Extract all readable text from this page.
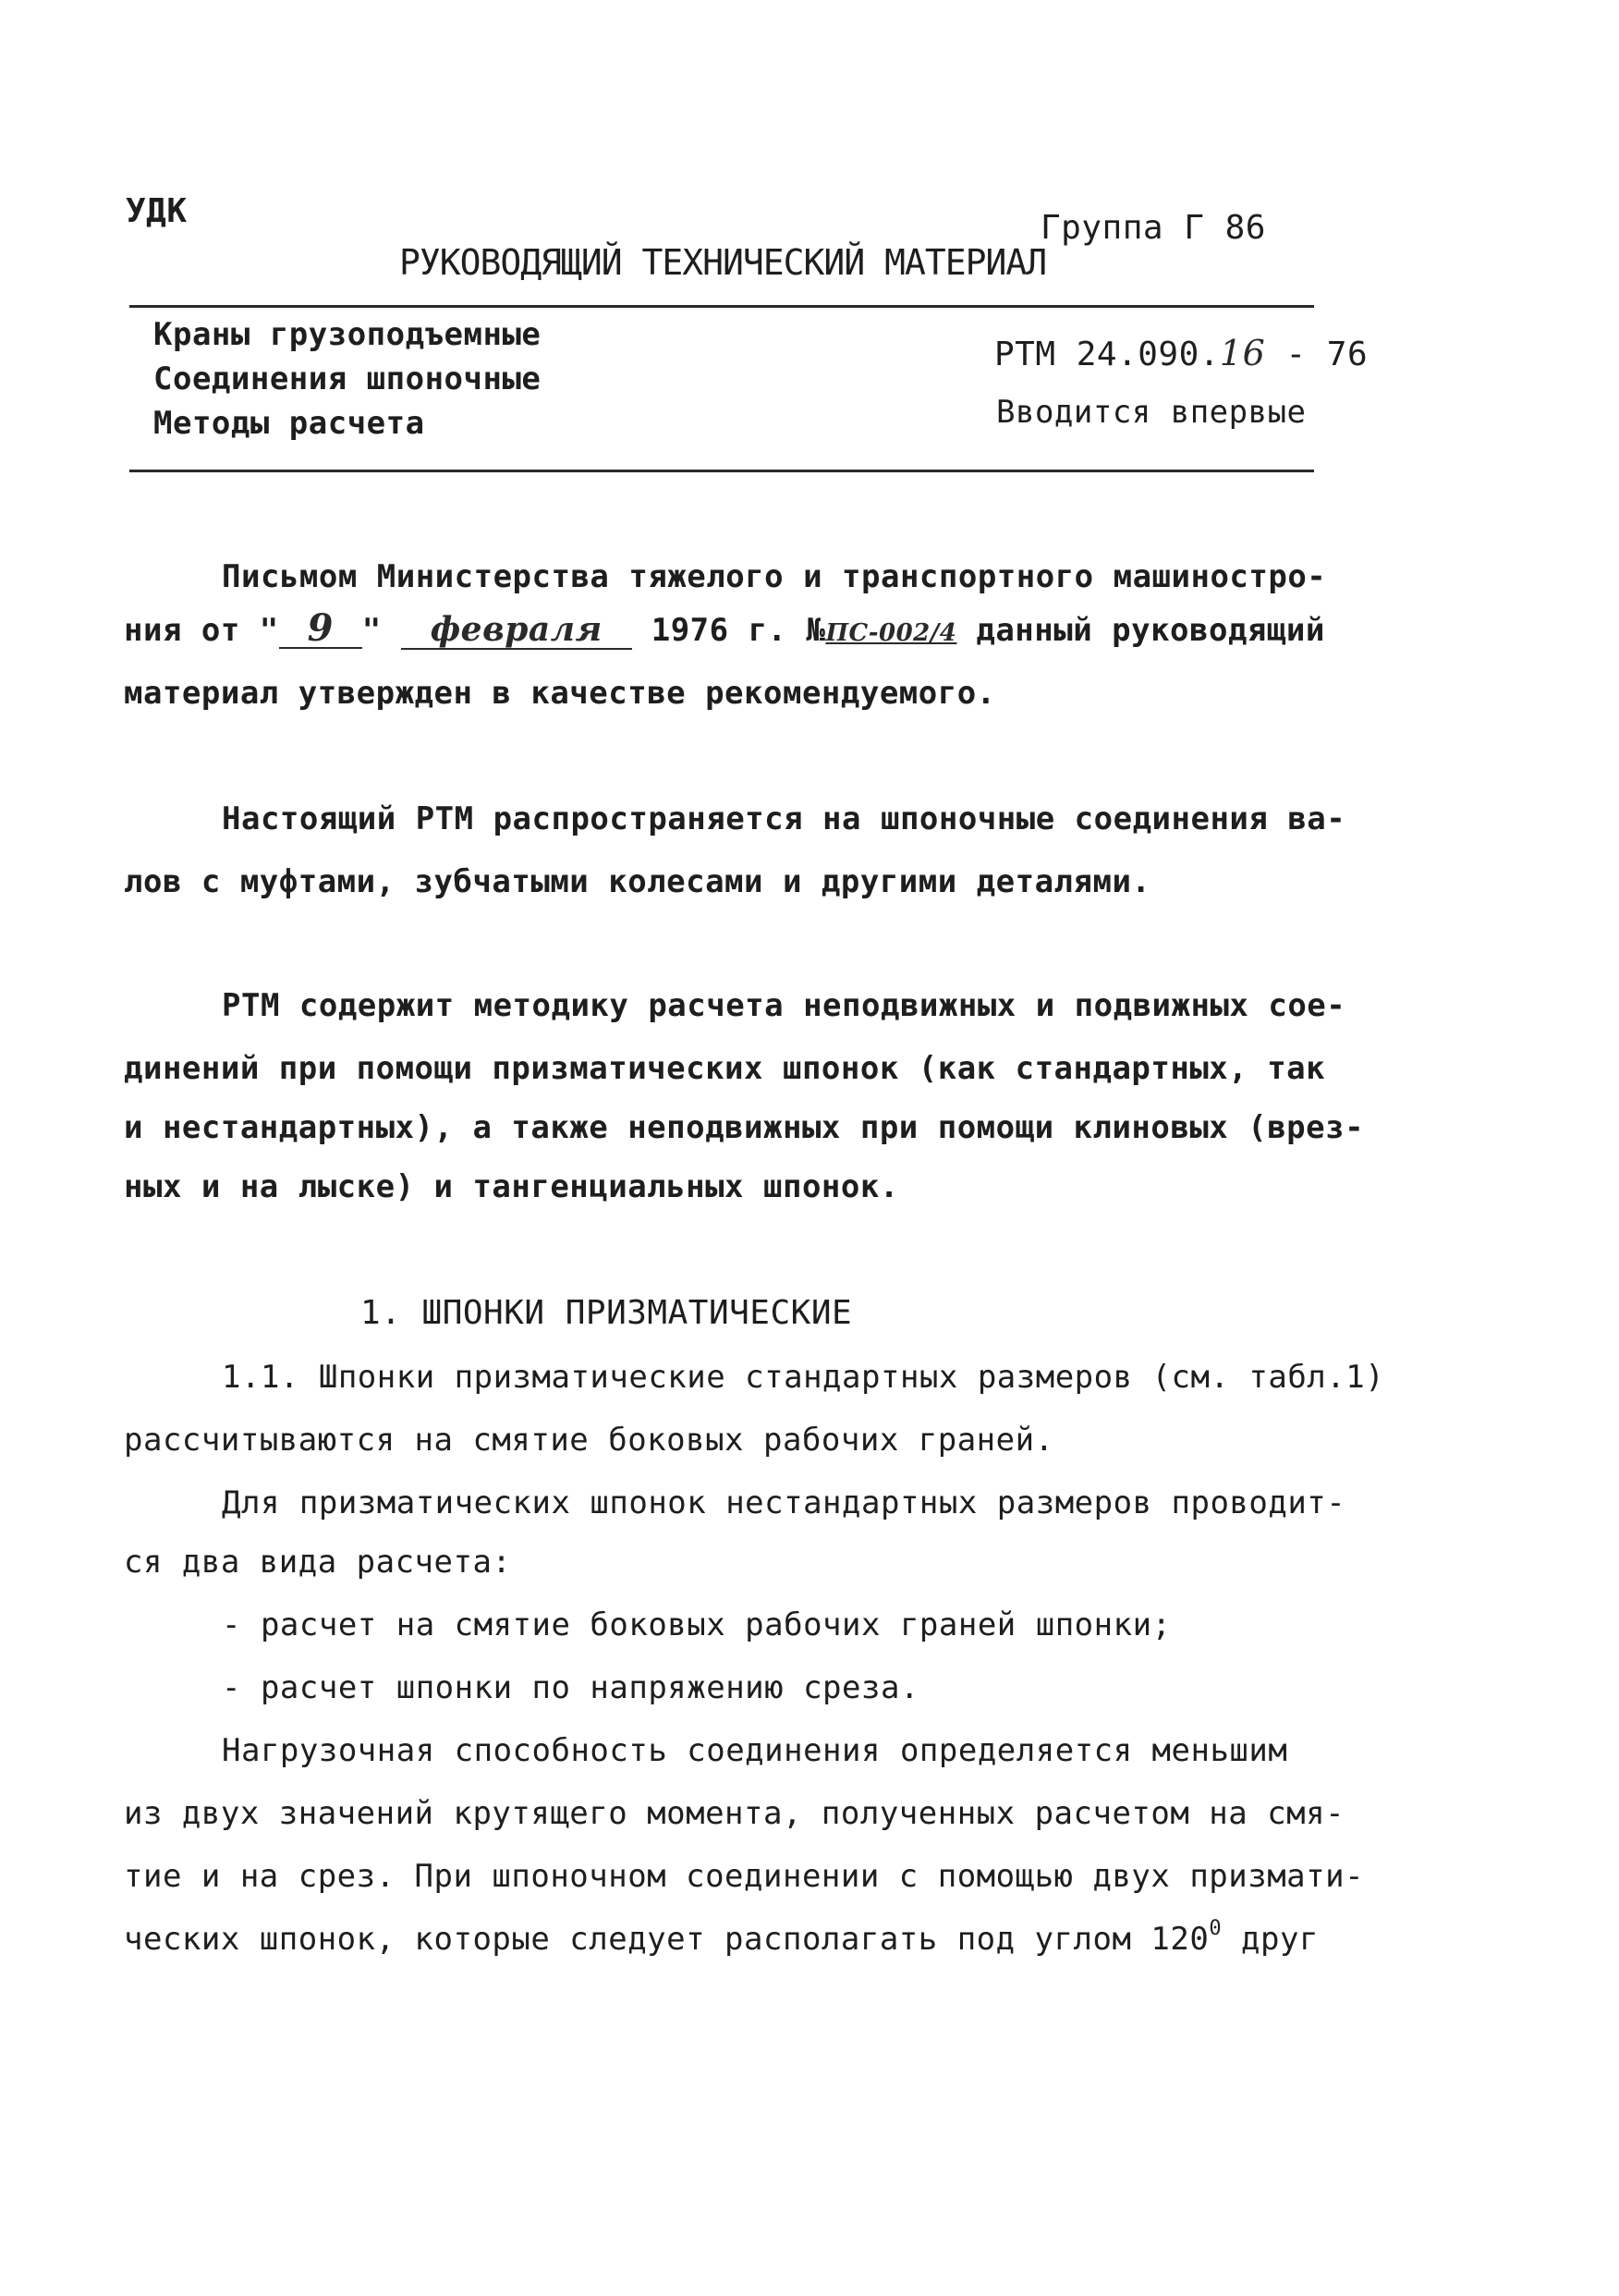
УДК
РУКОВОДЯЩИЙ ТЕХНИЧЕСКИЙ МАТЕРИАЛ
Группа Г 86
Краны грузоподъемные
Соединения шпоночные
Методы расчета
РТМ 24.090.16 - 76
Вводится впервые
Письмом Министерства тяжелого и транспортного машиностро-
ния от " 9 " февраля 1976 г. №ПС-002/4 данный руководящий
материал утвержден в качестве рекомендуемого.
Настоящий РТМ распространяется на шпоночные соединения ва-
лов с муфтами, зубчатыми колесами и другими деталями.
РТМ содержит методику расчета неподвижных и подвижных сое-
динений при помощи призматических шпонок (как стандартных, так
и нестандартных), а также неподвижных при помощи клиновых (врез-
ных и на лыске) и тангенциальных шпонок.
1. ШПОНКИ ПРИЗМАТИЧЕСКИЕ
1.1. Шпонки призматические стандартных размеров (см. табл.1)
рассчитываются на смятие боковых рабочих граней.
Для призматических шпонок нестандартных размеров проводит-
ся два вида расчета:
- расчет на смятие боковых рабочих граней шпонки;
- расчет шпонки по напряжению среза.
Нагрузочная способность соединения определяется меньшим
из двух значений крутящего момента, полученных расчетом на смя-
тие и на срез. При шпоночном соединении с помощью двух призмати-
ческих шпонок, которые следует располагать под углом $120^0$ друг
